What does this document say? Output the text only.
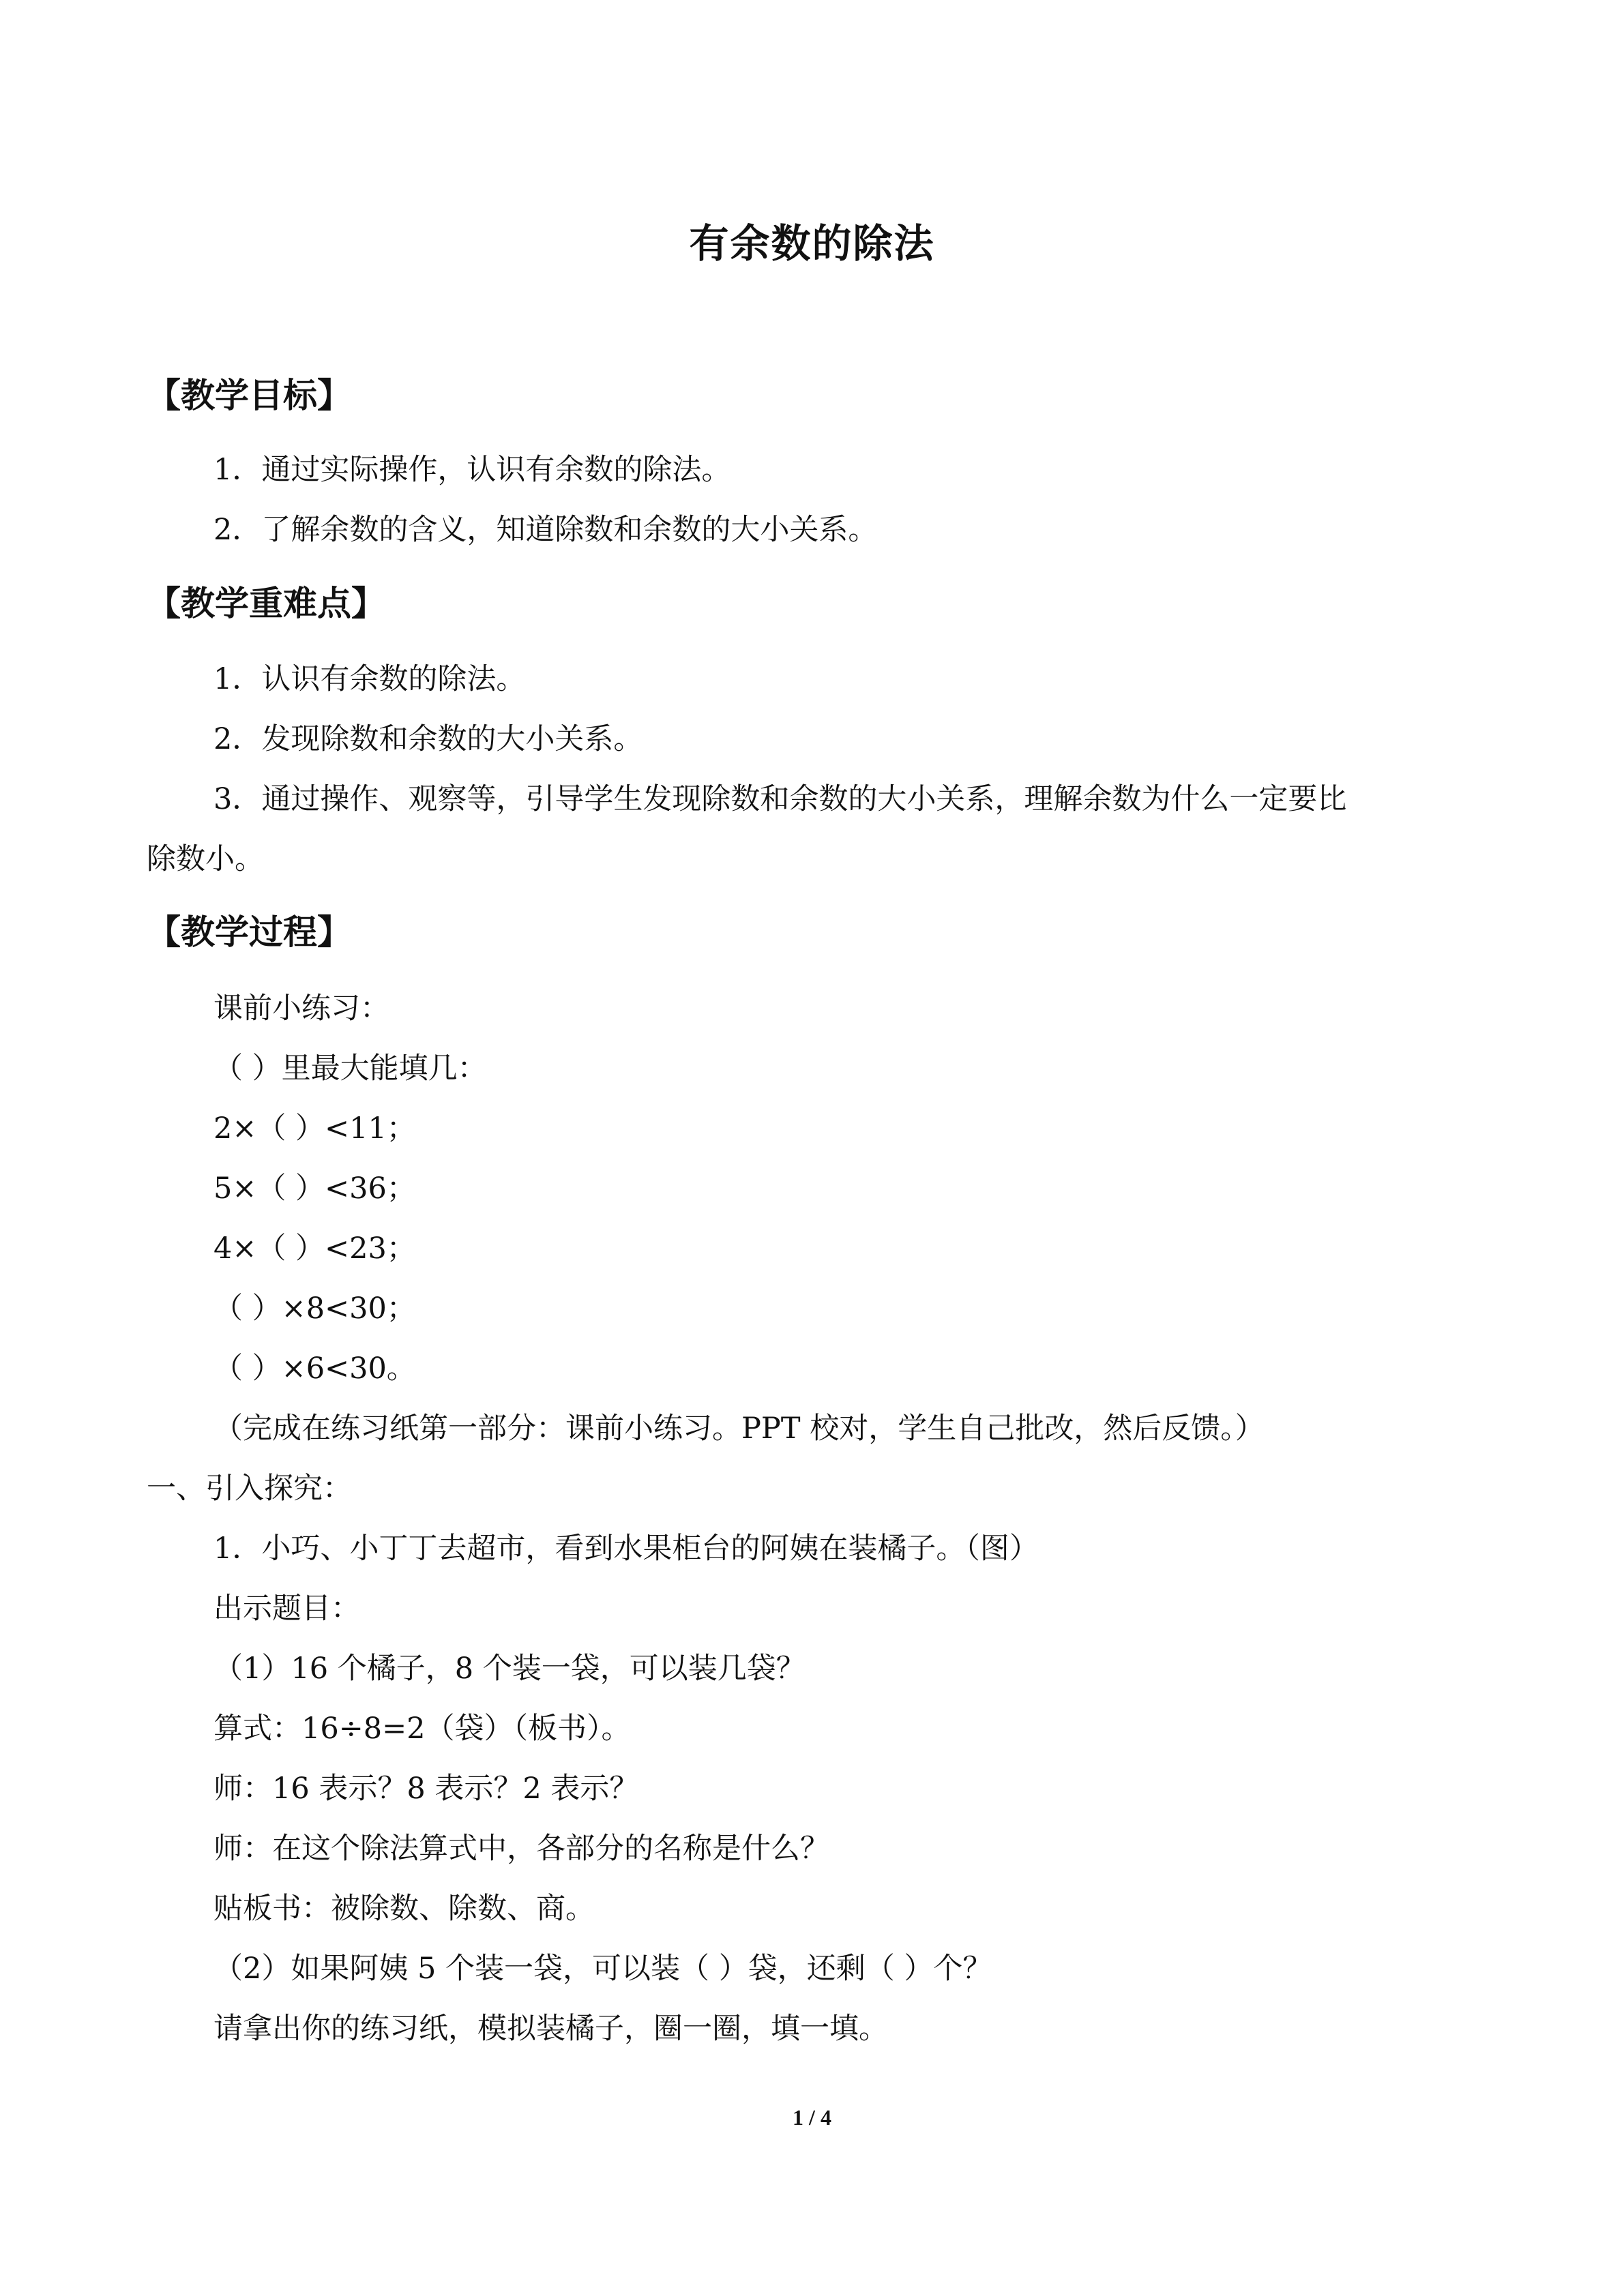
有余数的除法
【教学目标】
1．通过实际操作，认识有余数的除法。
2．了解余数的含义，知道除数和余数的大小关系。
【教学重难点】
1．认识有余数的除法。
2．发现除数和余数的大小关系。
3．通过操作、观察等，引导学生发现除数和余数的大小关系，理解余数为什么一定要比
除数小。
【教学过程】
课前小练习：
（ ）里最大能填几：
2×（ ）<11；
5×（ ）<36；
4×（ ）<23；
（ ）×8<30；
（ ）×6<30。
（完成在练习纸第一部分：课前小练习。PPT 校对，学生自己批改，然后反馈。）
一、引入探究：
1．小巧、小丁丁去超市，看到水果柜台的阿姨在装橘子。（图）
出示题目：
（1）16 个橘子，8 个装一袋，可以装几袋？
算式：16÷8=2（袋）（板书）。
师：16 表示？8 表示？2 表示？
师：在这个除法算式中，各部分的名称是什么？
贴板书：被除数、除数、商。
（2）如果阿姨 5 个装一袋，可以装（ ）袋，还剩（ ）个？
请拿出你的练习纸，模拟装橘子，圈一圈，填一填。
1 / 4
